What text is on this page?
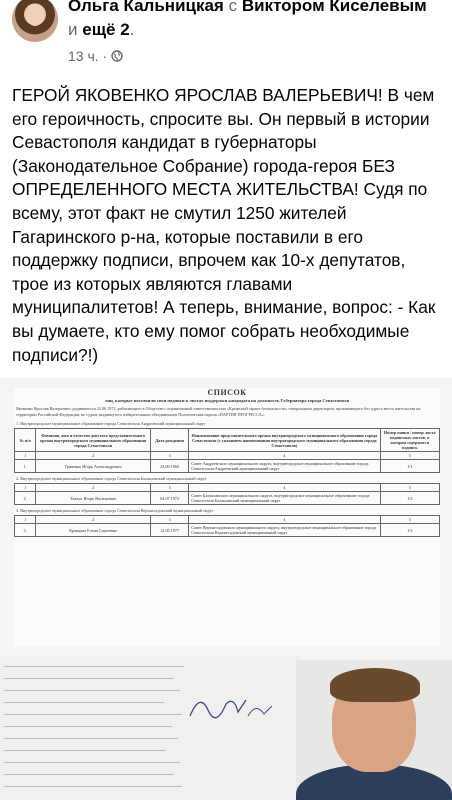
Ольга Кальницкая с Виктором Киселевым и ещё 2.
13 ч. ·
ГЕРОЙ ЯКОВЕНКО ЯРОСЛАВ ВАЛЕРЬЕВИЧ! В чем его героичность, спросите вы. Он первый в истории Севастополя кандидат в губернаторы (Законодательное Собрание) города-героя БЕЗ ОПРЕДЕЛЕННОГО МЕСТА ЖИТЕЛЬСТВА! Судя по всему, этот факт не смутил 1250 жителей Гагаринского р-на, которые поставили в его поддержку подписи, впрочем как 10-х депутатов, трое из которых являются главами муниципалитетов! А теперь, внимание, вопрос: - Как вы думаете, кто ему помог собрать необходимые подписи?!)
СПИСОК
лиц, которые поставили свои подписи в листах поддержки кандидата на должность Губернатора города Севастополя
Яковенко Ярослав Валерьевич, родившегося 22.06.1972, работающего в Обществе с ограниченной ответственностью «Крымский гарант безопасности» генеральным директором, проживающего без адреса места жительства на территории Российской Федерации, не судим, выдвинутого избирательным объединением Политическая партия «ПАРТИЯ ПРОГРЕССА».
1. Внутригородское муниципальное образование города Севастополя Андреевский муниципальный округ
№ п/п	Фамилия, имя и отчество депутата представительного органа внутригородского муниципального образования города Севастополя	Дата рождения	Наименование представительного органа внутригородского муниципального образования города Севастополя (с указанием наименования внутригородского муниципального образования города Севастополя)	Номер папки / номер листа подписных листов, в котором содержится подпись
1	2	3	4	5
1.	Гривенко Игорь Александрович	23.09.1966	Совет Андреевского муниципального округа, внутригородское муниципальное образование города Севастополя Андреевский муниципальный округ	1/1
2. Внутригородское муниципальное образование города Севастополя Балаклавский муниципальный округ
1	2	3	4	5
2.	Ткачук Игорь Васильевич	04.07.1972	Совет Балаклавского муниципального округа, внутригородское муниципальное образование города Севастополя Балаклавский муниципальный округ	1/2
3. Внутригородское муниципальное образование города Севастополя Верхнесадовский муниципальный округ
1	2	3	4	5
3.	Кравцова Елена Сергеевна	12.05.1977	Совет Верхнесадовского муниципального округа, внутригородское муниципальное образование города Севастополя Верхнесадовский муниципальный округ	1/3
